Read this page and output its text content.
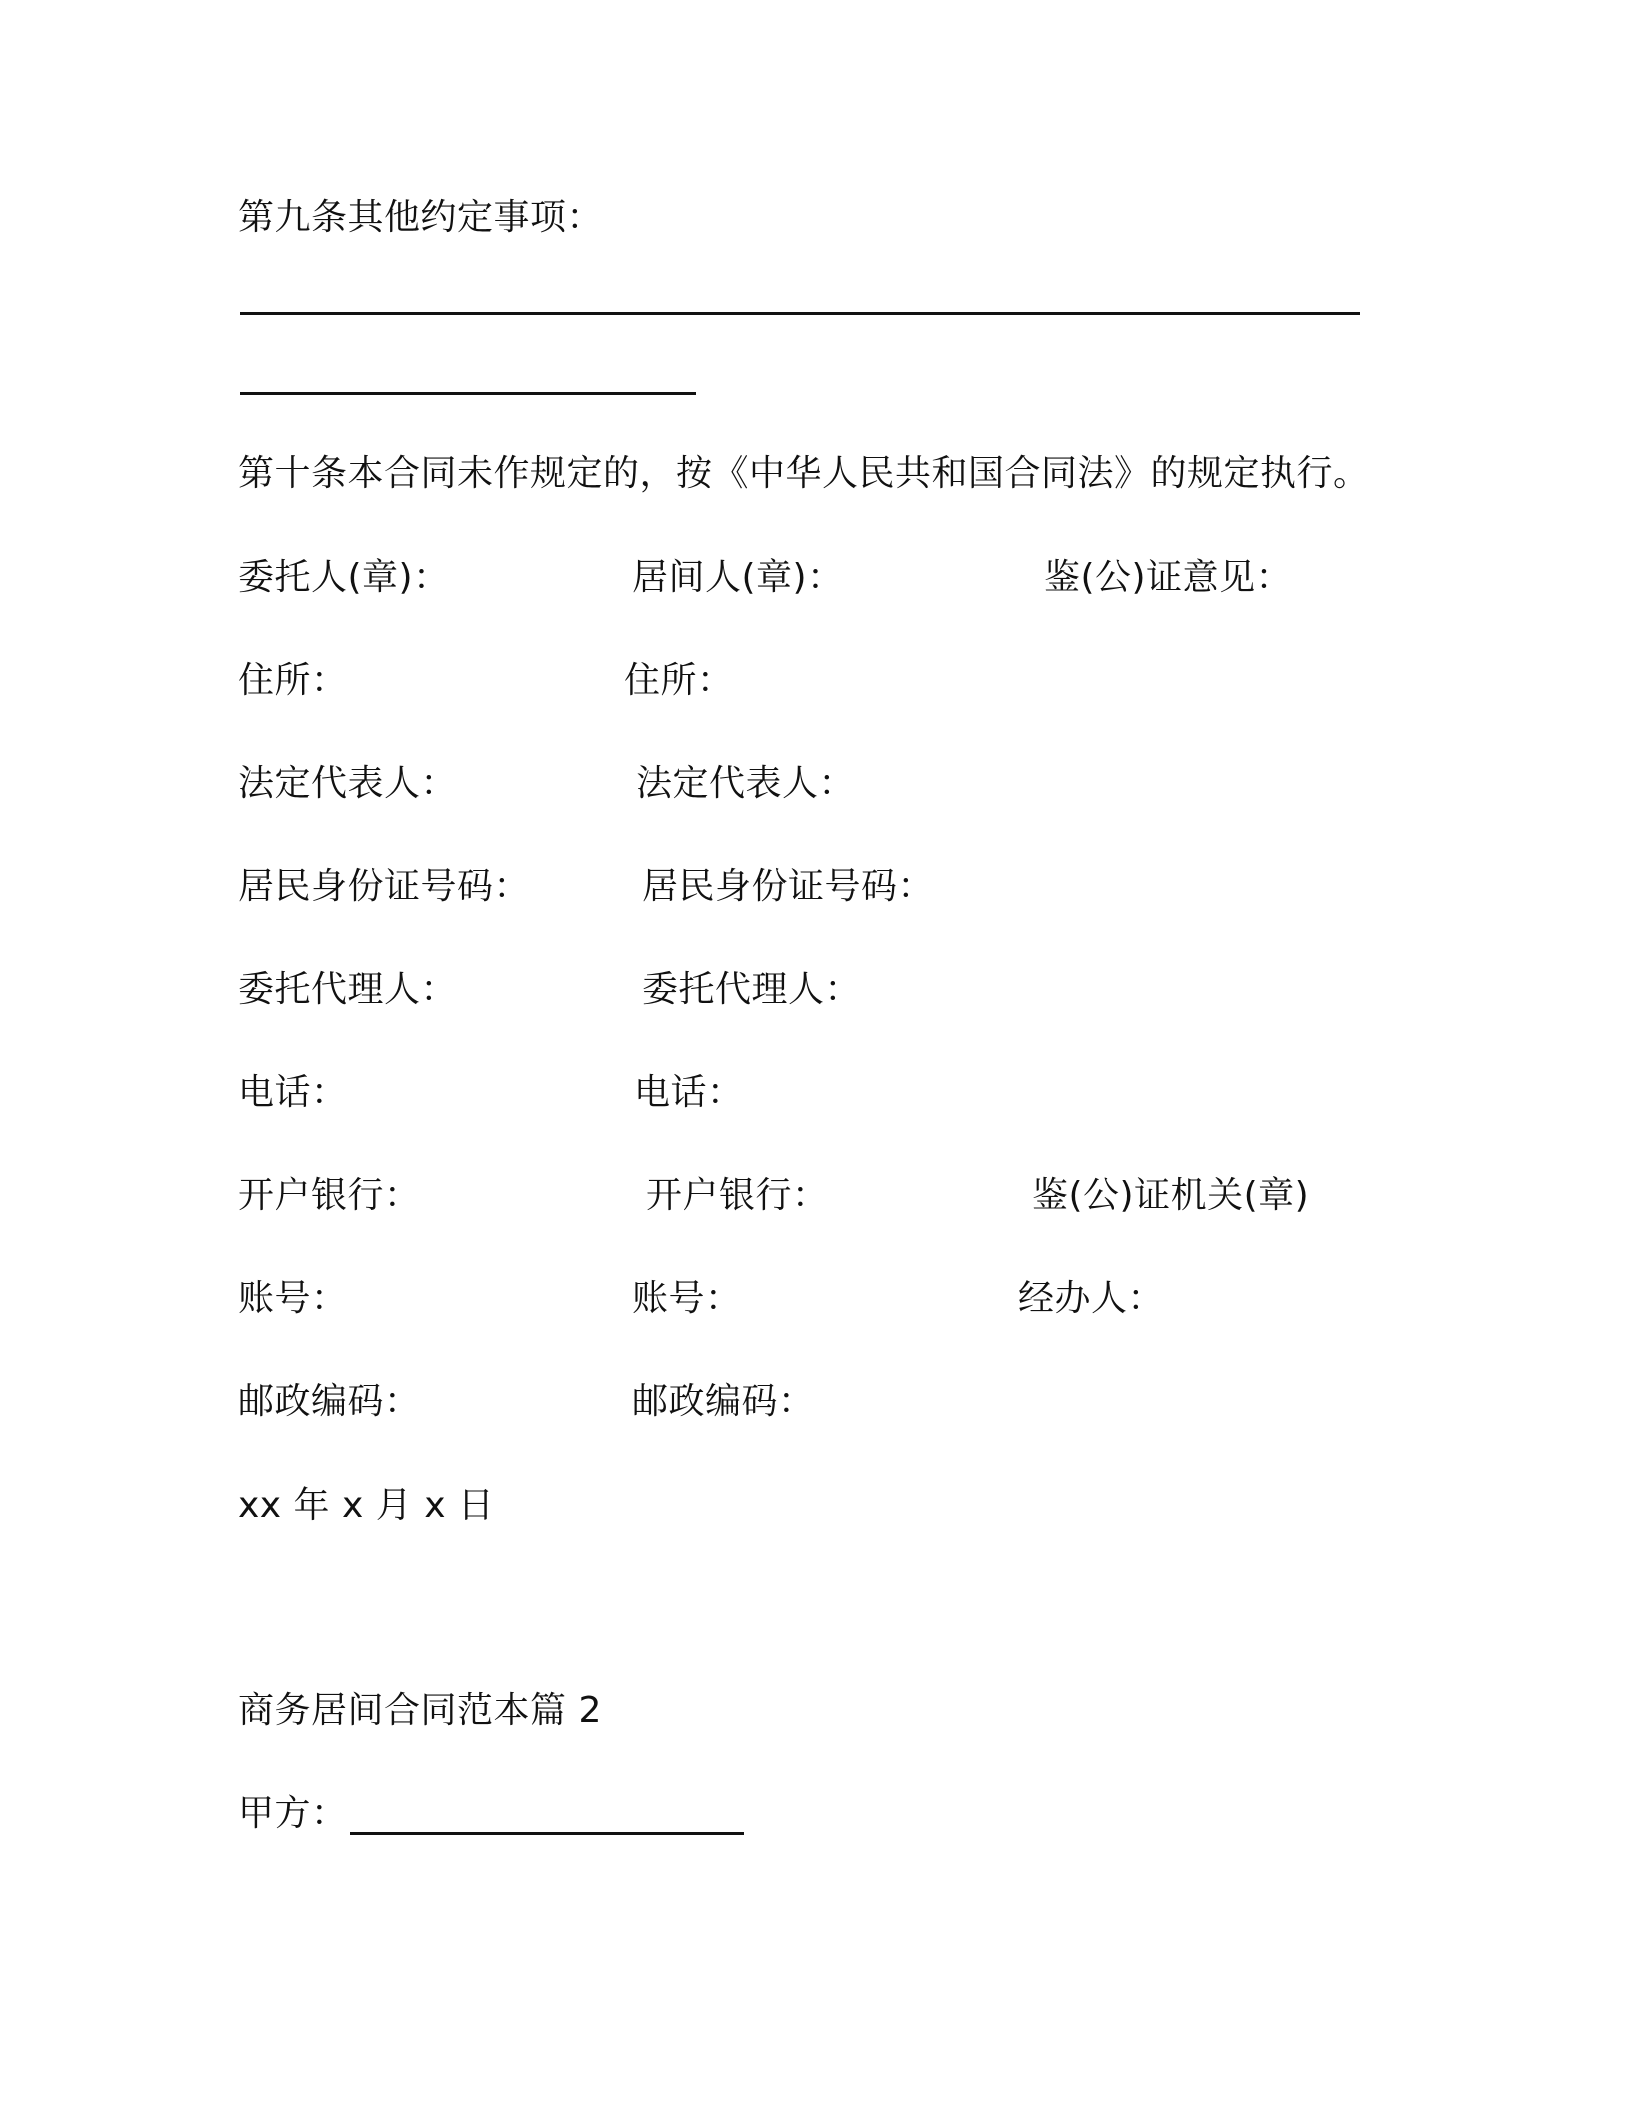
第九条其他约定事项：
第十条本合同未作规定的，按《中华人民共和国合同法》的规定执行。
委托人(章)：
住所：
法定代表人：
居民身份证号码：
委托代理人：
电话：
开户银行：
账号：
邮政编码：
居间人(章)：
住所：
法定代表人：
居民身份证号码：
委托代理人：
电话：
开户银行：
账号：
邮政编码：
鉴(公)证意见：
鉴(公)证机关(章)
经办人：
xx 年 x 月 x 日
商务居间合同范本篇 2
甲方：
